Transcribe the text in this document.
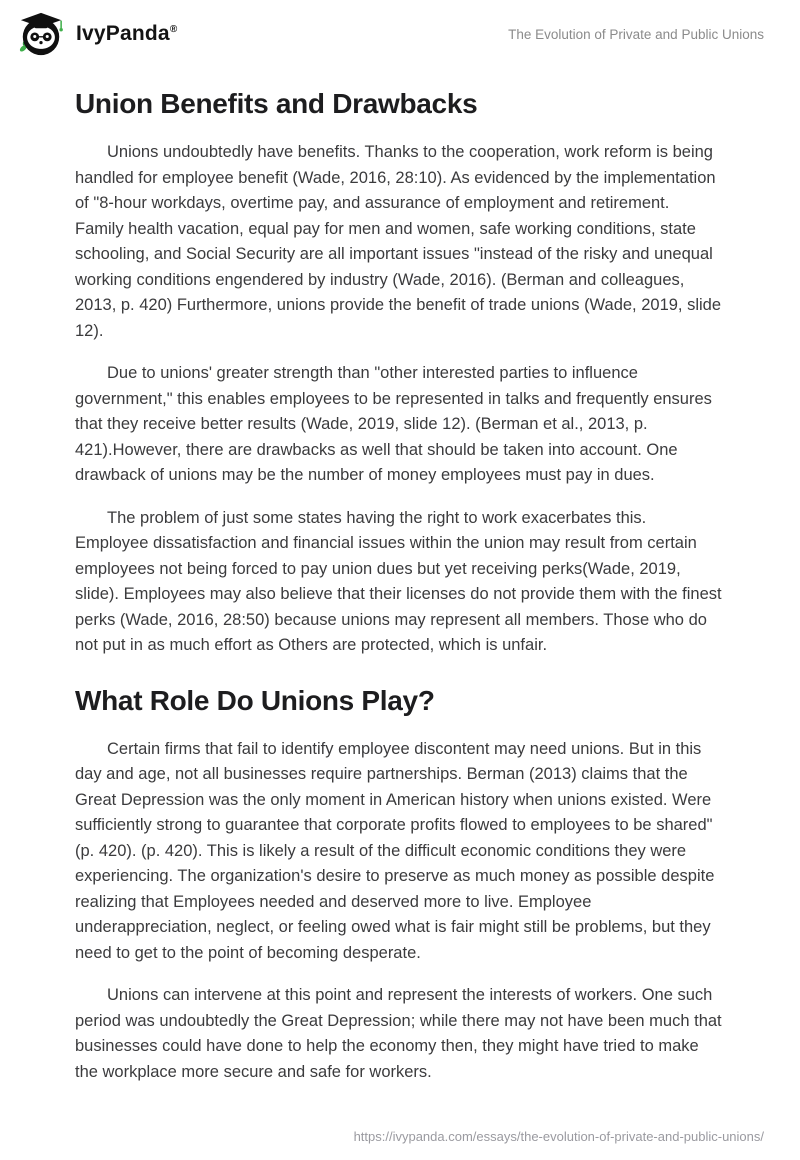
IvyPanda®	The Evolution of Private and Public Unions
Union Benefits and Drawbacks

Unions undoubtedly have benefits. Thanks to the cooperation, work reform is being handled for employee benefit (Wade, 2016, 28:10). As evidenced by the implementation of "8-hour workdays, overtime pay, and assurance of employment and retirement. Family health vacation, equal pay for men and women, safe working conditions, state schooling, and Social Security are all important issues "instead of the risky and unequal working conditions engendered by industry (Wade, 2016). (Berman and colleagues, 2013, p. 420) Furthermore, unions provide the benefit of trade unions (Wade, 2019, slide 12).

Due to unions' greater strength than "other interested parties to influence government," this enables employees to be represented in talks and frequently ensures that they receive better results (Wade, 2019, slide 12). (Berman et al., 2013, p. 421).However, there are drawbacks as well that should be taken into account. One drawback of unions may be the number of money employees must pay in dues.

The problem of just some states having the right to work exacerbates this. Employee dissatisfaction and financial issues within the union may result from certain employees not being forced to pay union dues but yet receiving perks(Wade, 2019, slide). Employees may also believe that their licenses do not provide them with the finest perks (Wade, 2016, 28:50) because unions may represent all members. Those who do not put in as much effort as Others are protected, which is unfair.

What Role Do Unions Play?

Certain firms that fail to identify employee discontent may need unions. But in this day and age, not all businesses require partnerships. Berman (2013) claims that the Great Depression was the only moment in American history when unions existed. Were sufficiently strong to guarantee that corporate profits flowed to employees to be shared" (p. 420). (p. 420). This is likely a result of the difficult economic conditions they were experiencing. The organization's desire to preserve as much money as possible despite realizing that Employees needed and deserved more to live. Employee underappreciation, neglect, or feeling owed what is fair might still be problems, but they need to get to the point of becoming desperate.

Unions can intervene at this point and represent the interests of workers. One such period was undoubtedly the Great Depression; while there may not have been much that businesses could have done to help the economy then, they might have tried to make the workplace more secure and safe for workers.

https://ivypanda.com/essays/the-evolution-of-private-and-public-unions/
